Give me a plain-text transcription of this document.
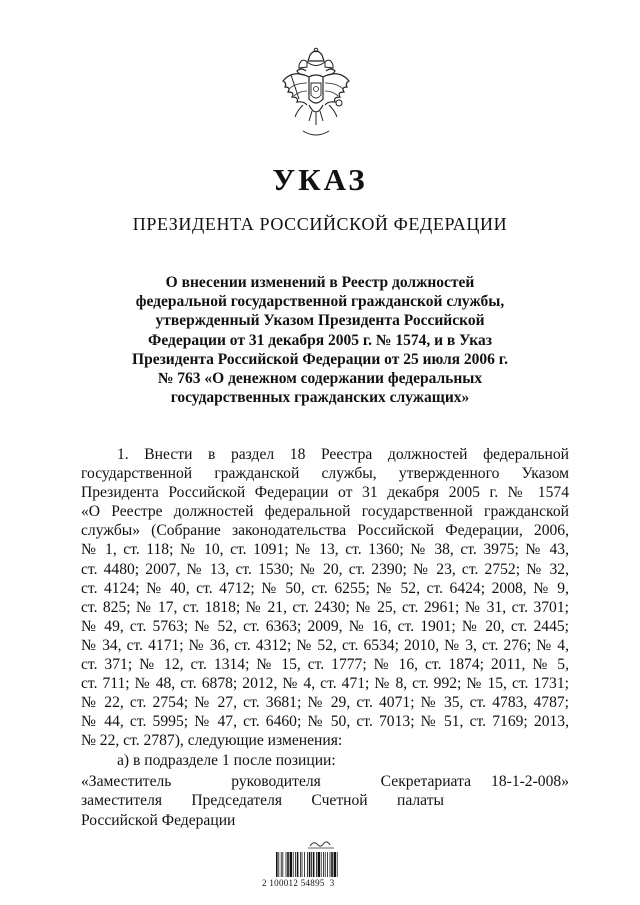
УКАЗ
ПРЕЗИДЕНТА РОССИЙСКОЙ ФЕДЕРАЦИИ
О внесении изменений в Реестр должностей
федеральной государственной гражданской службы,
утвержденный Указом Президента Российской
Федерации от 31 декабря 2005 г. № 1574, и в Указ
Президента Российской Федерации от 25 июля 2006 г.
№ 763 «О денежном содержании федеральных
государственных гражданских служащих»
1. Внести в раздел 18 Реестра должностей федеральной
государственной гражданской службы, утвержденного Указом
Президента Российской Федерации от 31 декабря 2005 г. № 1574
«О Реестре должностей федеральной государственной гражданской
службы» (Собрание законодательства Российской Федерации, 2006,
№ 1, ст. 118; № 10, ст. 1091; № 13, ст. 1360; № 38, ст. 3975; № 43,
ст. 4480; 2007, № 13, ст. 1530; № 20, ст. 2390; № 23, ст. 2752; № 32,
ст. 4124; № 40, ст. 4712; № 50, ст. 6255; № 52, ст. 6424; 2008, № 9,
ст. 825; № 17, ст. 1818; № 21, ст. 2430; № 25, ст. 2961; № 31, ст. 3701;
№ 49, ст. 5763; № 52, ст. 6363; 2009, № 16, ст. 1901; № 20, ст. 2445;
№ 34, ст. 4171; № 36, ст. 4312; № 52, ст. 6534; 2010, № 3, ст. 276; № 4,
ст. 371; № 12, ст. 1314; № 15, ст. 1777; № 16, ст. 1874; 2011, № 5,
ст. 711; № 48, ст. 6878; 2012, № 4, ст. 471; № 8, ст. 992; № 15, ст. 1731;
№ 22, ст. 2754; № 27, ст. 3681; № 29, ст. 4071; № 35, ст. 4783, 4787;
№ 44, ст. 5995; № 47, ст. 6460; № 50, ст. 7013; № 51, ст. 7169; 2013,
№ 22, ст. 2787), следующие изменения:
а) в подразделе 1 после позиции:
«Заместитель руководителя Секретариата 18-1-2-008»
заместителя Председателя Счетной палаты
Российской Федерации
2 100012 54895  3
